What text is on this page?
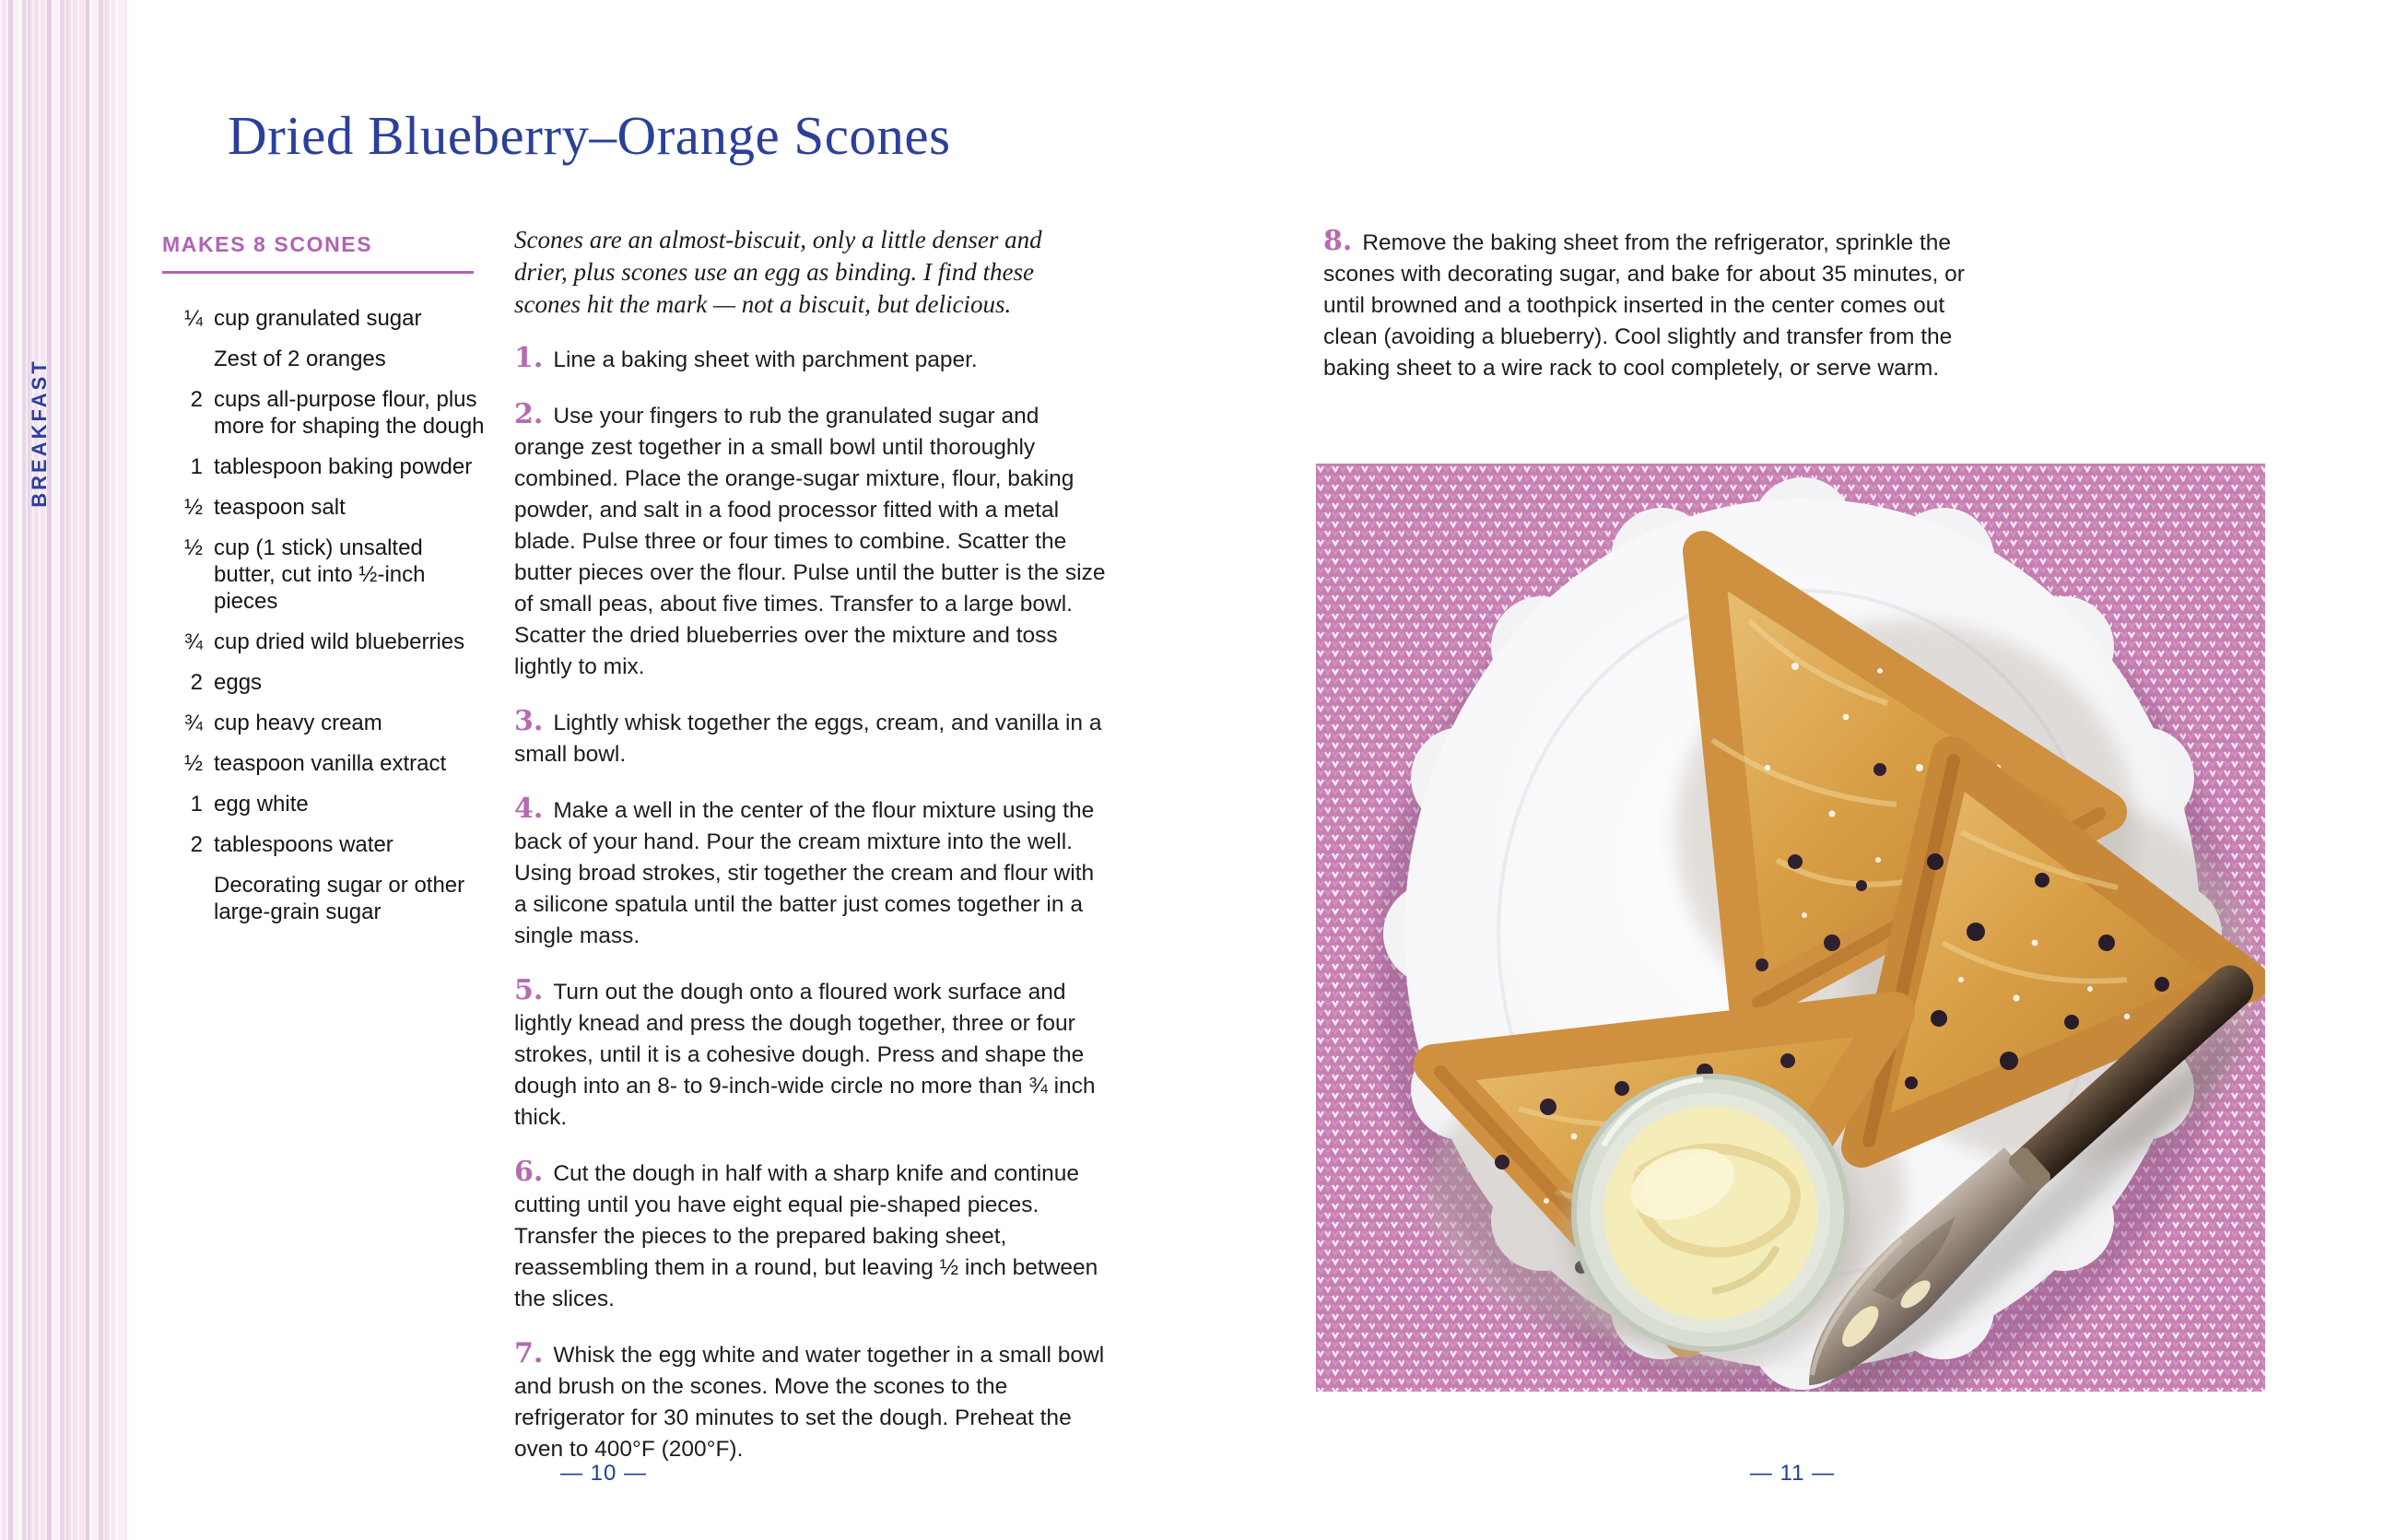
BREAKFAST
Dried Blueberry–Orange Scones
MAKES 8 SCONES
¼ cup granulated sugar
Zest of 2 oranges
2 cups all-purpose flour, plus more for shaping the dough
1 tablespoon baking powder
½ teaspoon salt
½ cup (1 stick) unsalted butter, cut into ½-inch pieces
¾ cup dried wild blueberries
2 eggs
¾ cup heavy cream
½ teaspoon vanilla extract
1 egg white
2 tablespoons water
Decorating sugar or other large-grain sugar

Scones are an almost-biscuit, only a little denser and drier, plus scones use an egg as binding. I find these scones hit the mark — not a biscuit, but delicious.

1. Line a baking sheet with parchment paper.

2. Use your fingers to rub the granulated sugar and orange zest together in a small bowl until thoroughly combined. Place the orange-sugar mixture, flour, baking powder, and salt in a food processor fitted with a metal blade. Pulse three or four times to combine. Scatter the butter pieces over the flour. Pulse until the butter is the size of small peas, about five times. Transfer to a large bowl. Scatter the dried blueberries over the mixture and toss lightly to mix.

3. Lightly whisk together the eggs, cream, and vanilla in a small bowl.

4. Make a well in the center of the flour mixture using the back of your hand. Pour the cream mixture into the well. Using broad strokes, stir together the cream and flour with a silicone spatula until the batter just comes together in a single mass.

5. Turn out the dough onto a floured work surface and lightly knead and press the dough together, three or four strokes, until it is a cohesive dough. Press and shape the dough into an 8- to 9-inch-wide circle no more than ¾ inch thick.

6. Cut the dough in half with a sharp knife and continue cutting until you have eight equal pie-shaped pieces. Transfer the pieces to the prepared baking sheet, reassembling them in a round, but leaving ½ inch between the slices.

7. Whisk the egg white and water together in a small bowl and brush on the scones. Move the scones to the refrigerator for 30 minutes to set the dough. Preheat the oven to 400°F (200°F).

8. Remove the baking sheet from the refrigerator, sprinkle the scones with decorating sugar, and bake for about 35 minutes, or until browned and a toothpick inserted in the center comes out clean (avoiding a blueberry). Cool slightly and transfer from the baking sheet to a wire rack to cool completely, or serve warm.

— 10 —	— 11 —
